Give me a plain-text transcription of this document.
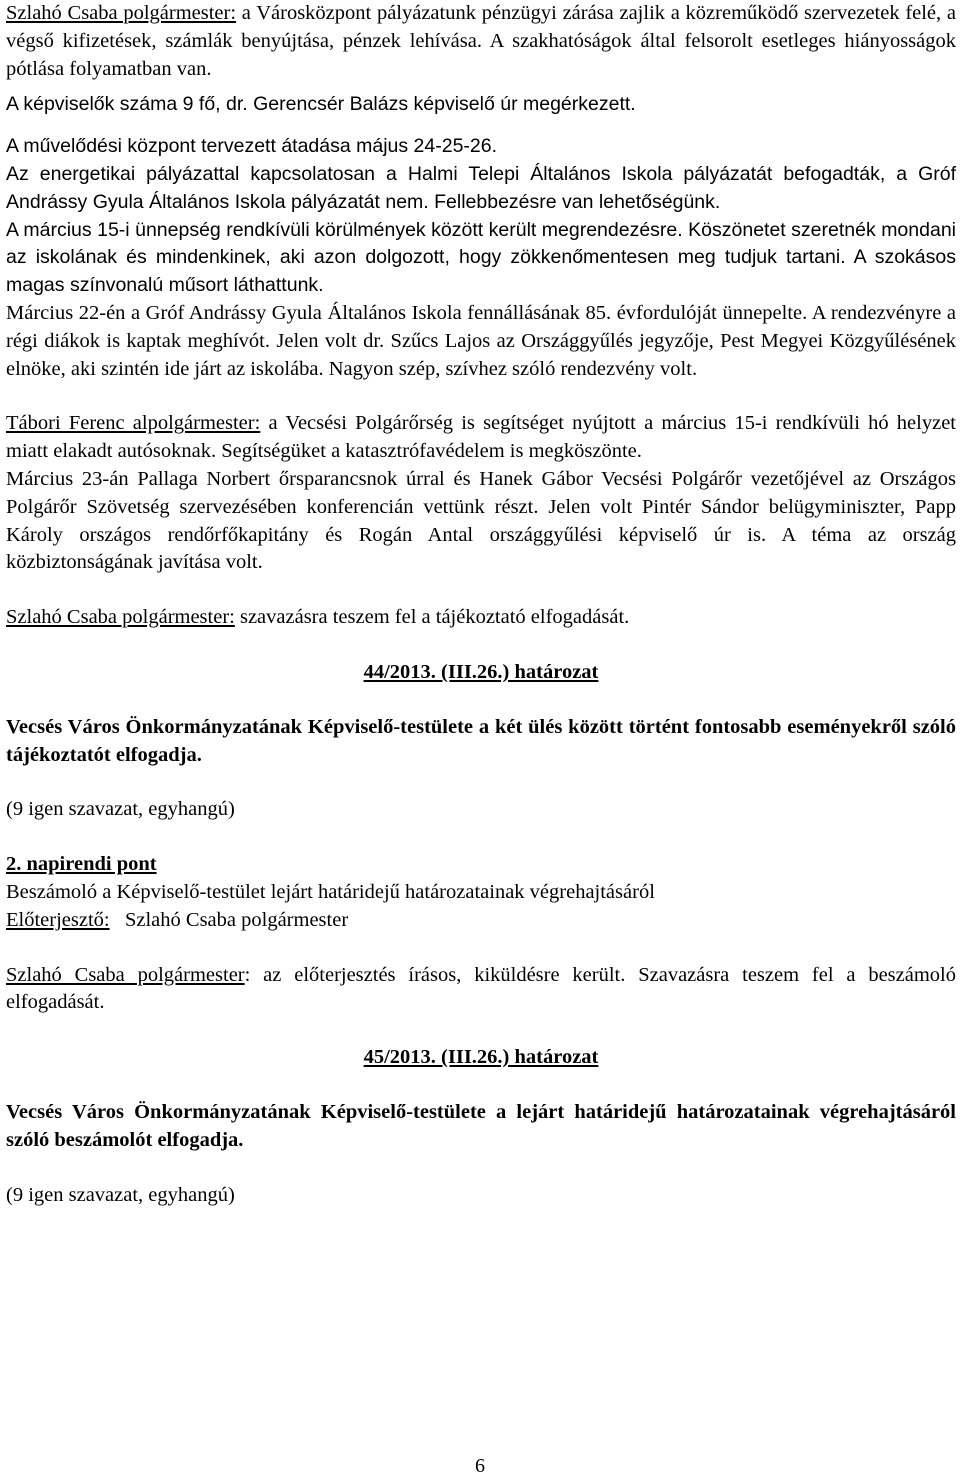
Szlahó Csaba polgármester: a Városközpont pályázatunk pénzügyi zárása zajlik a közreműködő szervezetek felé, a végső kifizetések, számlák benyújtása, pénzek lehívása. A szakhatóságok által felsorolt esetleges hiányosságok pótlása folyamatban van.

A képviselők száma 9 fő, dr. Gerencsér Balázs képviselő úr megérkezett.

A művelődési központ tervezett átadása május 24-25-26.

Az energetikai pályázattal kapcsolatosan a Halmi Telepi Általános Iskola pályázatát befogadták, a Gróf Andrássy Gyula Általános Iskola pályázatát nem. Fellebbezésre van lehetőségünk.

A március 15-i ünnepség rendkívüli körülmények között került megrendezésre. Köszönetet szeretnék mondani az iskolának és mindenkinek, aki azon dolgozott, hogy zökkenőmentesen meg tudjuk tartani. A szokásos magas színvonalú műsort láthattunk.

Március 22-én a Gróf Andrássy Gyula Általános Iskola fennállásának 85. évfordulóját ünnepelte. A rendezvényre a régi diákok is kaptak meghívót. Jelen volt dr. Szűcs Lajos az Országgyűlés jegyzője, Pest Megyei Közgyűlésének elnöke, aki szintén ide járt az iskolába. Nagyon szép, szívhez szóló rendezvény volt.

Tábori Ferenc alpolgármester: a Vecsési Polgárőrség is segítséget nyújtott a március 15-i rendkívüli hó helyzet miatt elakadt autósoknak. Segítségüket a katasztrófavédelem is megköszönte.

Március 23-án Pallaga Norbert őrsparancsnok úrral és Hanek Gábor Vecsési Polgárőr vezetőjével az Országos Polgárőr Szövetség szervezésében konferencián vettünk részt. Jelen volt Pintér Sándor belügyminiszter, Papp Károly országos rendőrfőkapitány és Rogán Antal országgyűlési képviselő úr is. A téma az ország közbiztonságának javítása volt.

Szlahó Csaba polgármester: szavazásra teszem fel a tájékoztató elfogadását.

44/2013. (III.26.) határozat

Vecsés Város Önkormányzatának Képviselő-testülete a két ülés között történt fontosabb eseményekről szóló tájékoztatót elfogadja.

(9 igen szavazat, egyhangú)

2. napirendi pont

Beszámoló a Képviselő-testület lejárt határidejű határozatainak végrehajtásáról

Előterjesztő: Szlahó Csaba polgármester

Szlahó Csaba polgármester: az előterjesztés írásos, kiküldésre került. Szavazásra teszem fel a beszámoló elfogadását.

45/2013. (III.26.) határozat

Vecsés Város Önkormányzatának Képviselő-testülete a lejárt határidejű határozatainak végrehajtásáról szóló beszámolót elfogadja.

(9 igen szavazat, egyhangú)

6
